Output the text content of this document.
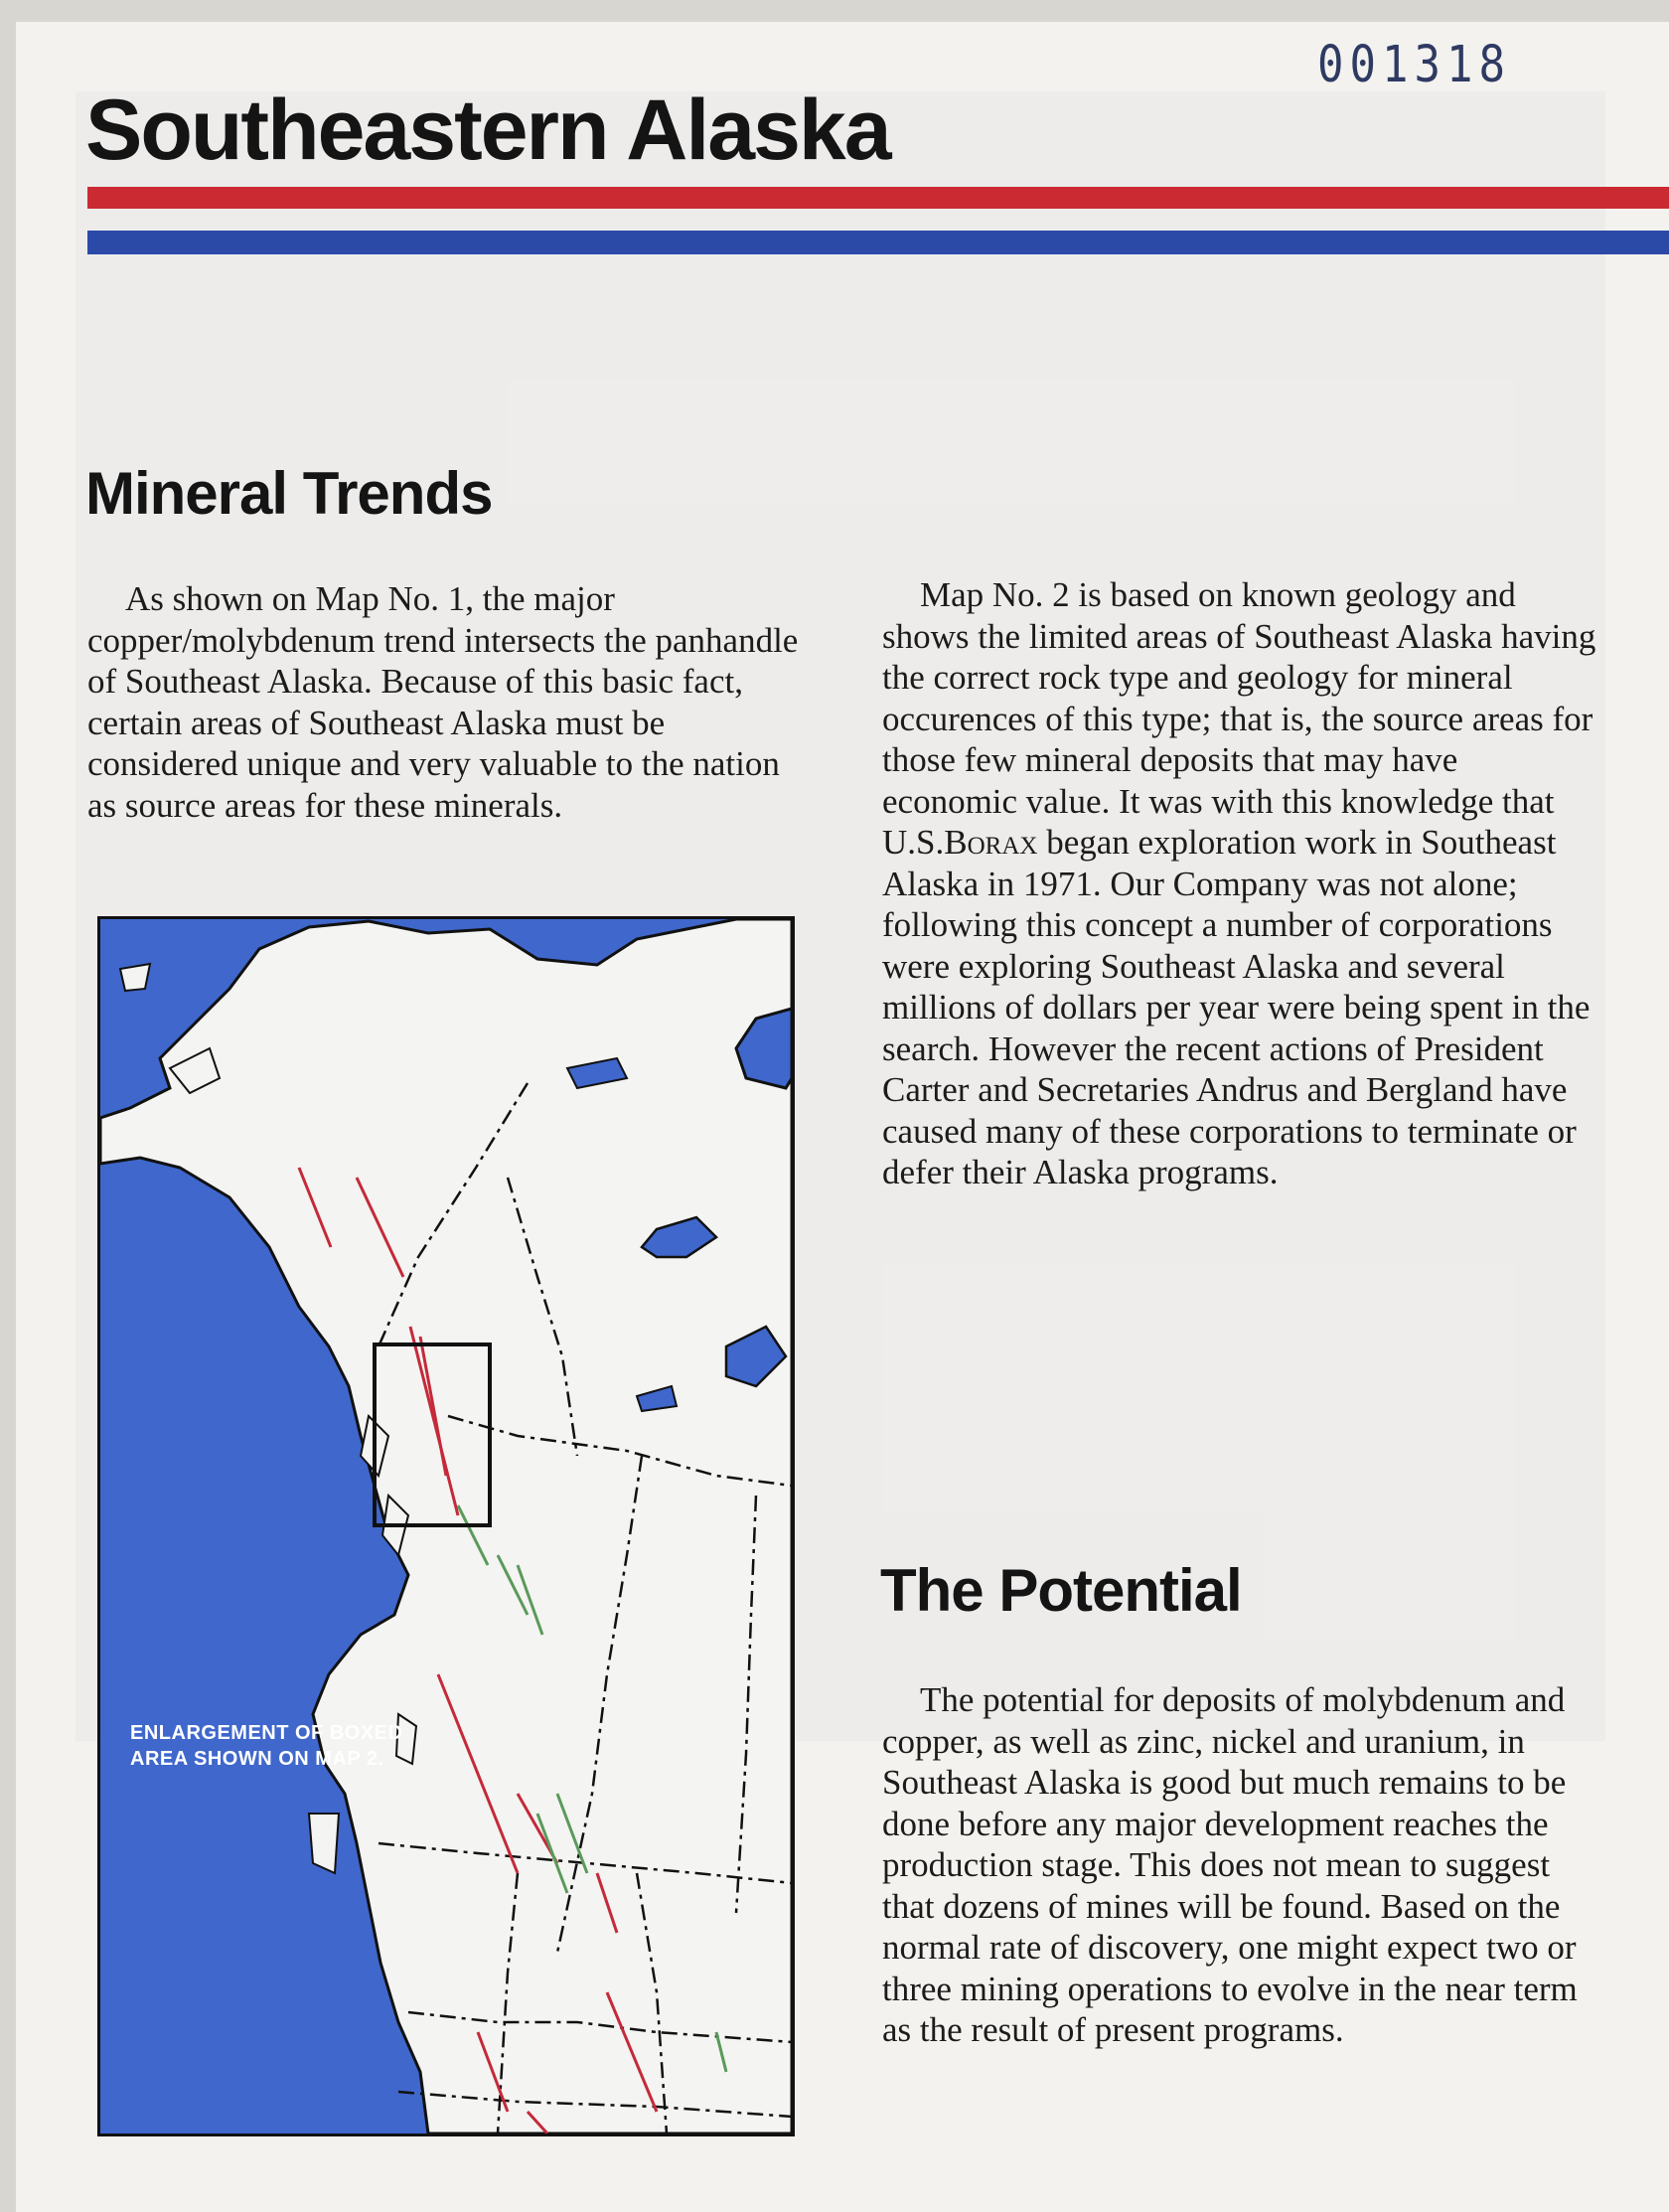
001318
Southeastern Alaska
Mineral Trends

As shown on Map No. 1, the major copper/molybdenum trend intersects the panhandle of Southeast Alaska. Because of this basic fact, certain areas of Southeast Alaska must be considered unique and very valuable to the nation as source areas for these minerals.

Map No. 2 is based on known geology and shows the limited areas of Southeast Alaska having the correct rock type and geology for mineral occurences of this type; that is, the source areas for those few mineral deposits that may have economic value. It was with this knowledge that U.S.Borax began exploration work in Southeast Alaska in 1971. Our Company was not alone; following this concept a number of corporations were exploring Southeast Alaska and several millions of dollars per year were being spent in the search. However the recent actions of President Carter and Secretaries Andrus and Bergland have caused many of these corporations to terminate or defer their Alaska programs.

The Potential

The potential for deposits of molybdenum and copper, as well as zinc, nickel and uranium, in Southeast Alaska is good but much remains to be done before any major development reaches the production stage. This does not mean to suggest that dozens of mines will be found. Based on the normal rate of discovery, one might expect two or three mining operations to evolve in the near term as the result of present programs.

ENLARGEMENT OF BOXED
AREA SHOWN ON MAP 2.
